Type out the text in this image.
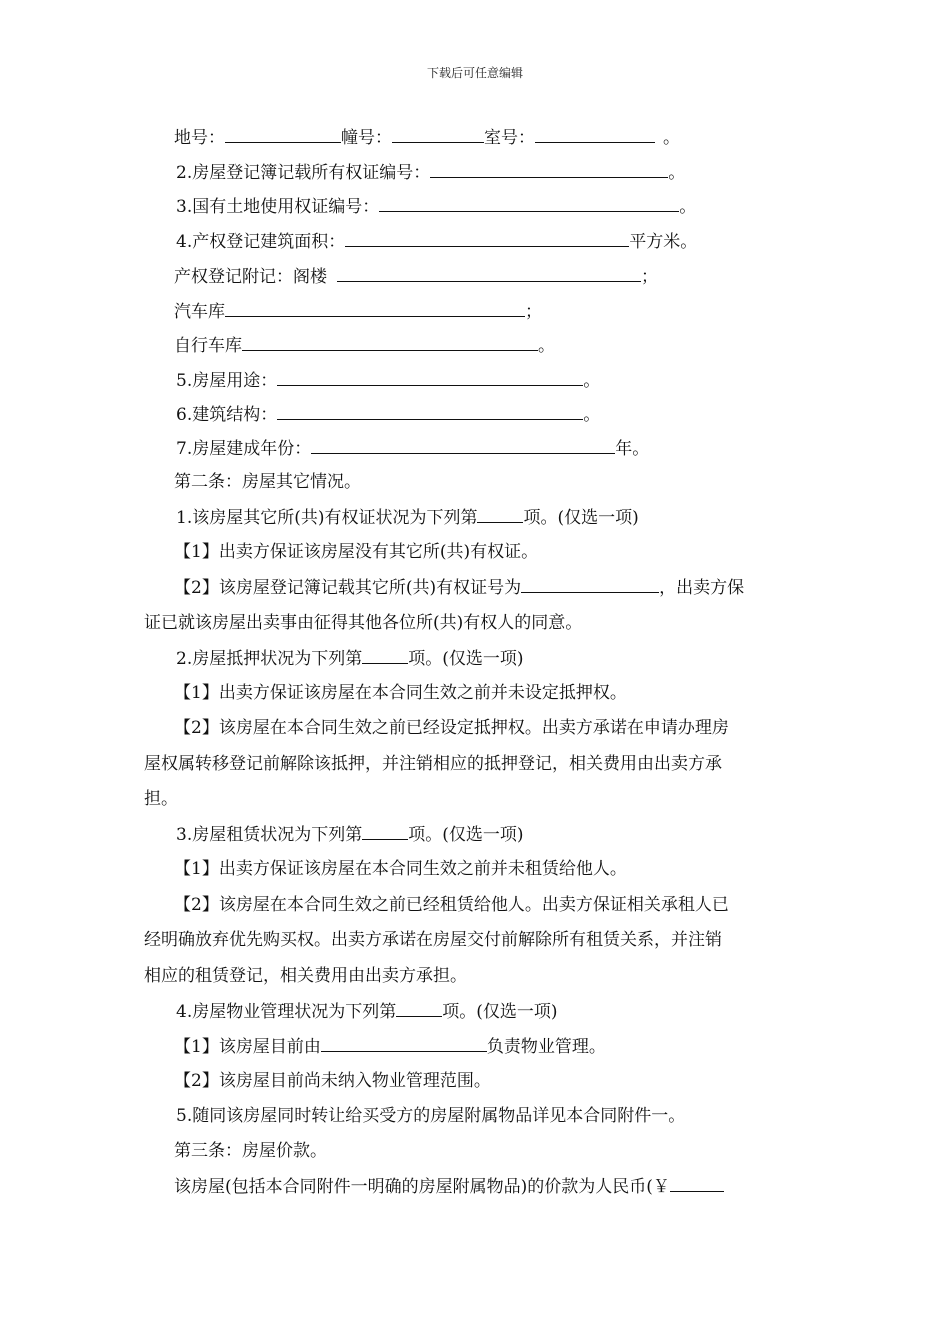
下载后可任意编辑
地号：	幢号：	室号：	。
2.房屋登记簿记载所有权证编号：	。
3.国有土地使用权证编号：	。
4.产权登记建筑面积：	平方米。
产权登记附记：阁楼	；
汽车库	；
自行车库	。
5.房屋用途：	。
6.建筑结构：	。
7.房屋建成年份：	年。
第二条：房屋其它情况。
1.该房屋其它所(共)有权证状况为下列第	项。(仅选一项)
【1】出卖方保证该房屋没有其它所(共)有权证。
【2】该房屋登记簿记载其它所(共)有权证号为	，出卖方保
证已就该房屋出卖事由征得其他各位所(共)有权人的同意。
2.房屋抵押状况为下列第	项。(仅选一项)
【1】出卖方保证该房屋在本合同生效之前并未设定抵押权。
【2】该房屋在本合同生效之前已经设定抵押权。出卖方承诺在申请办理房
屋权属转移登记前解除该抵押，并注销相应的抵押登记，相关费用由出卖方承
担。
3.房屋租赁状况为下列第	项。(仅选一项)
【1】出卖方保证该房屋在本合同生效之前并未租赁给他人。
【2】该房屋在本合同生效之前已经租赁给他人。出卖方保证相关承租人已
经明确放弃优先购买权。出卖方承诺在房屋交付前解除所有租赁关系，并注销
相应的租赁登记，相关费用由出卖方承担。
4.房屋物业管理状况为下列第	项。(仅选一项)
【1】该房屋目前由	负责物业管理。
【2】该房屋目前尚未纳入物业管理范围。
5.随同该房屋同时转让给买受方的房屋附属物品详见本合同附件一。
第三条：房屋价款。
该房屋(包括本合同附件一明确的房屋附属物品)的价款为人民币(￥
